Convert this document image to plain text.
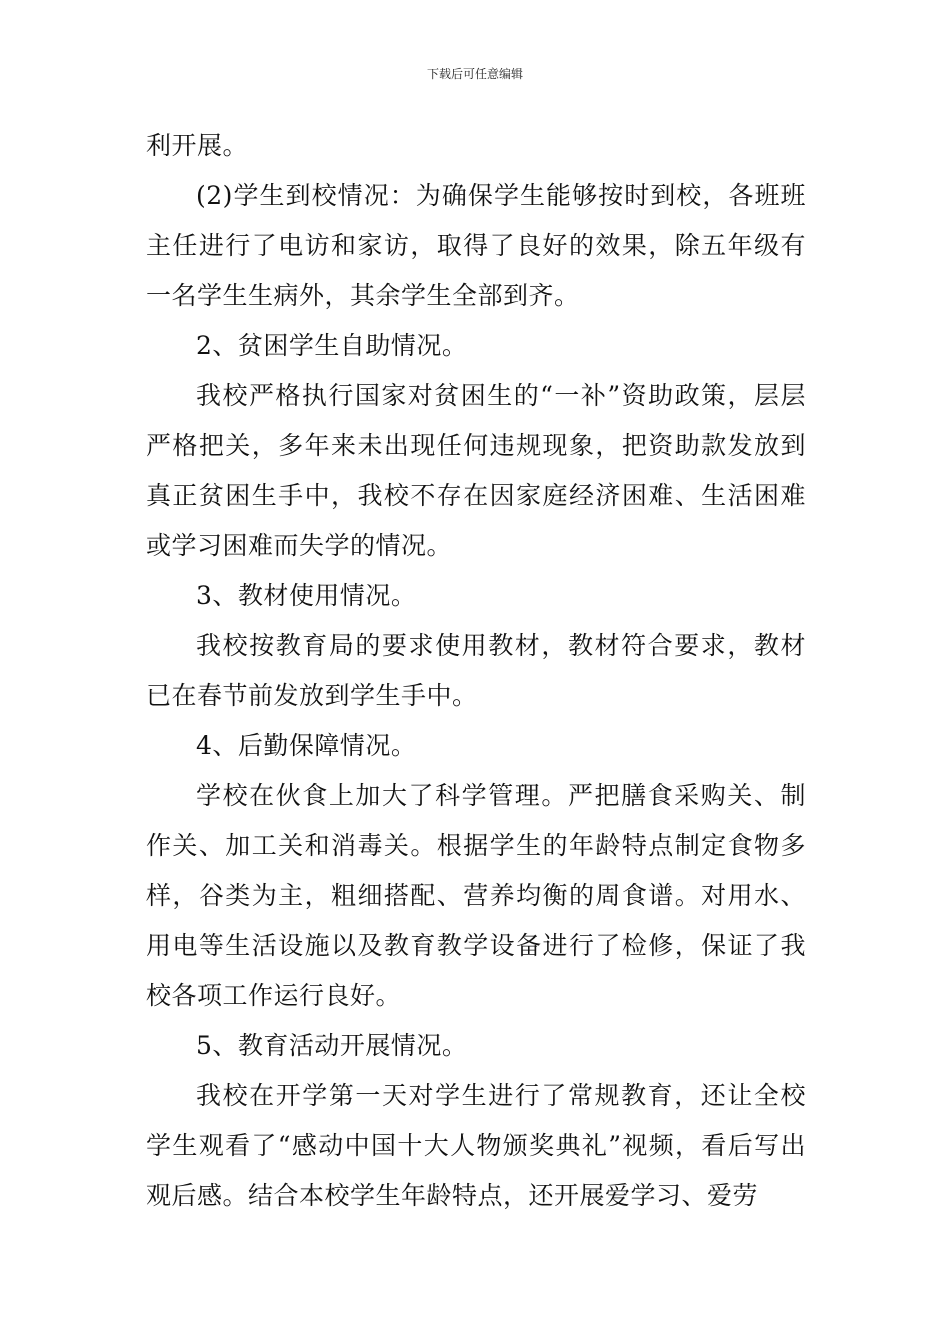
下载后可任意编辑

利开展。

(2)学生到校情况：为确保学生能够按时到校，各班班主任进行了电访和家访，取得了良好的效果，除五年级有一名学生生病外，其余学生全部到齐。

2、贫困学生自助情况。

我校严格执行国家对贫困生的“一补”资助政策，层层严格把关，多年来未出现任何违规现象，把资助款发放到真正贫困生手中，我校不存在因家庭经济困难、生活困难或学习困难而失学的情况。

3、教材使用情况。

我校按教育局的要求使用教材，教材符合要求，教材已在春节前发放到学生手中。

4、后勤保障情况。

学校在伙食上加大了科学管理。严把膳食采购关、制作关、加工关和消毒关。根据学生的年龄特点制定食物多样，谷类为主，粗细搭配、营养均衡的周食谱。对用水、用电等生活设施以及教育教学设备进行了检修，保证了我校各项工作运行良好。

5、教育活动开展情况。

我校在开学第一天对学生进行了常规教育，还让全校学生观看了“感动中国十大人物颁奖典礼”视频，看后写出观后感。结合本校学生年龄特点，还开展爱学习、爱劳
